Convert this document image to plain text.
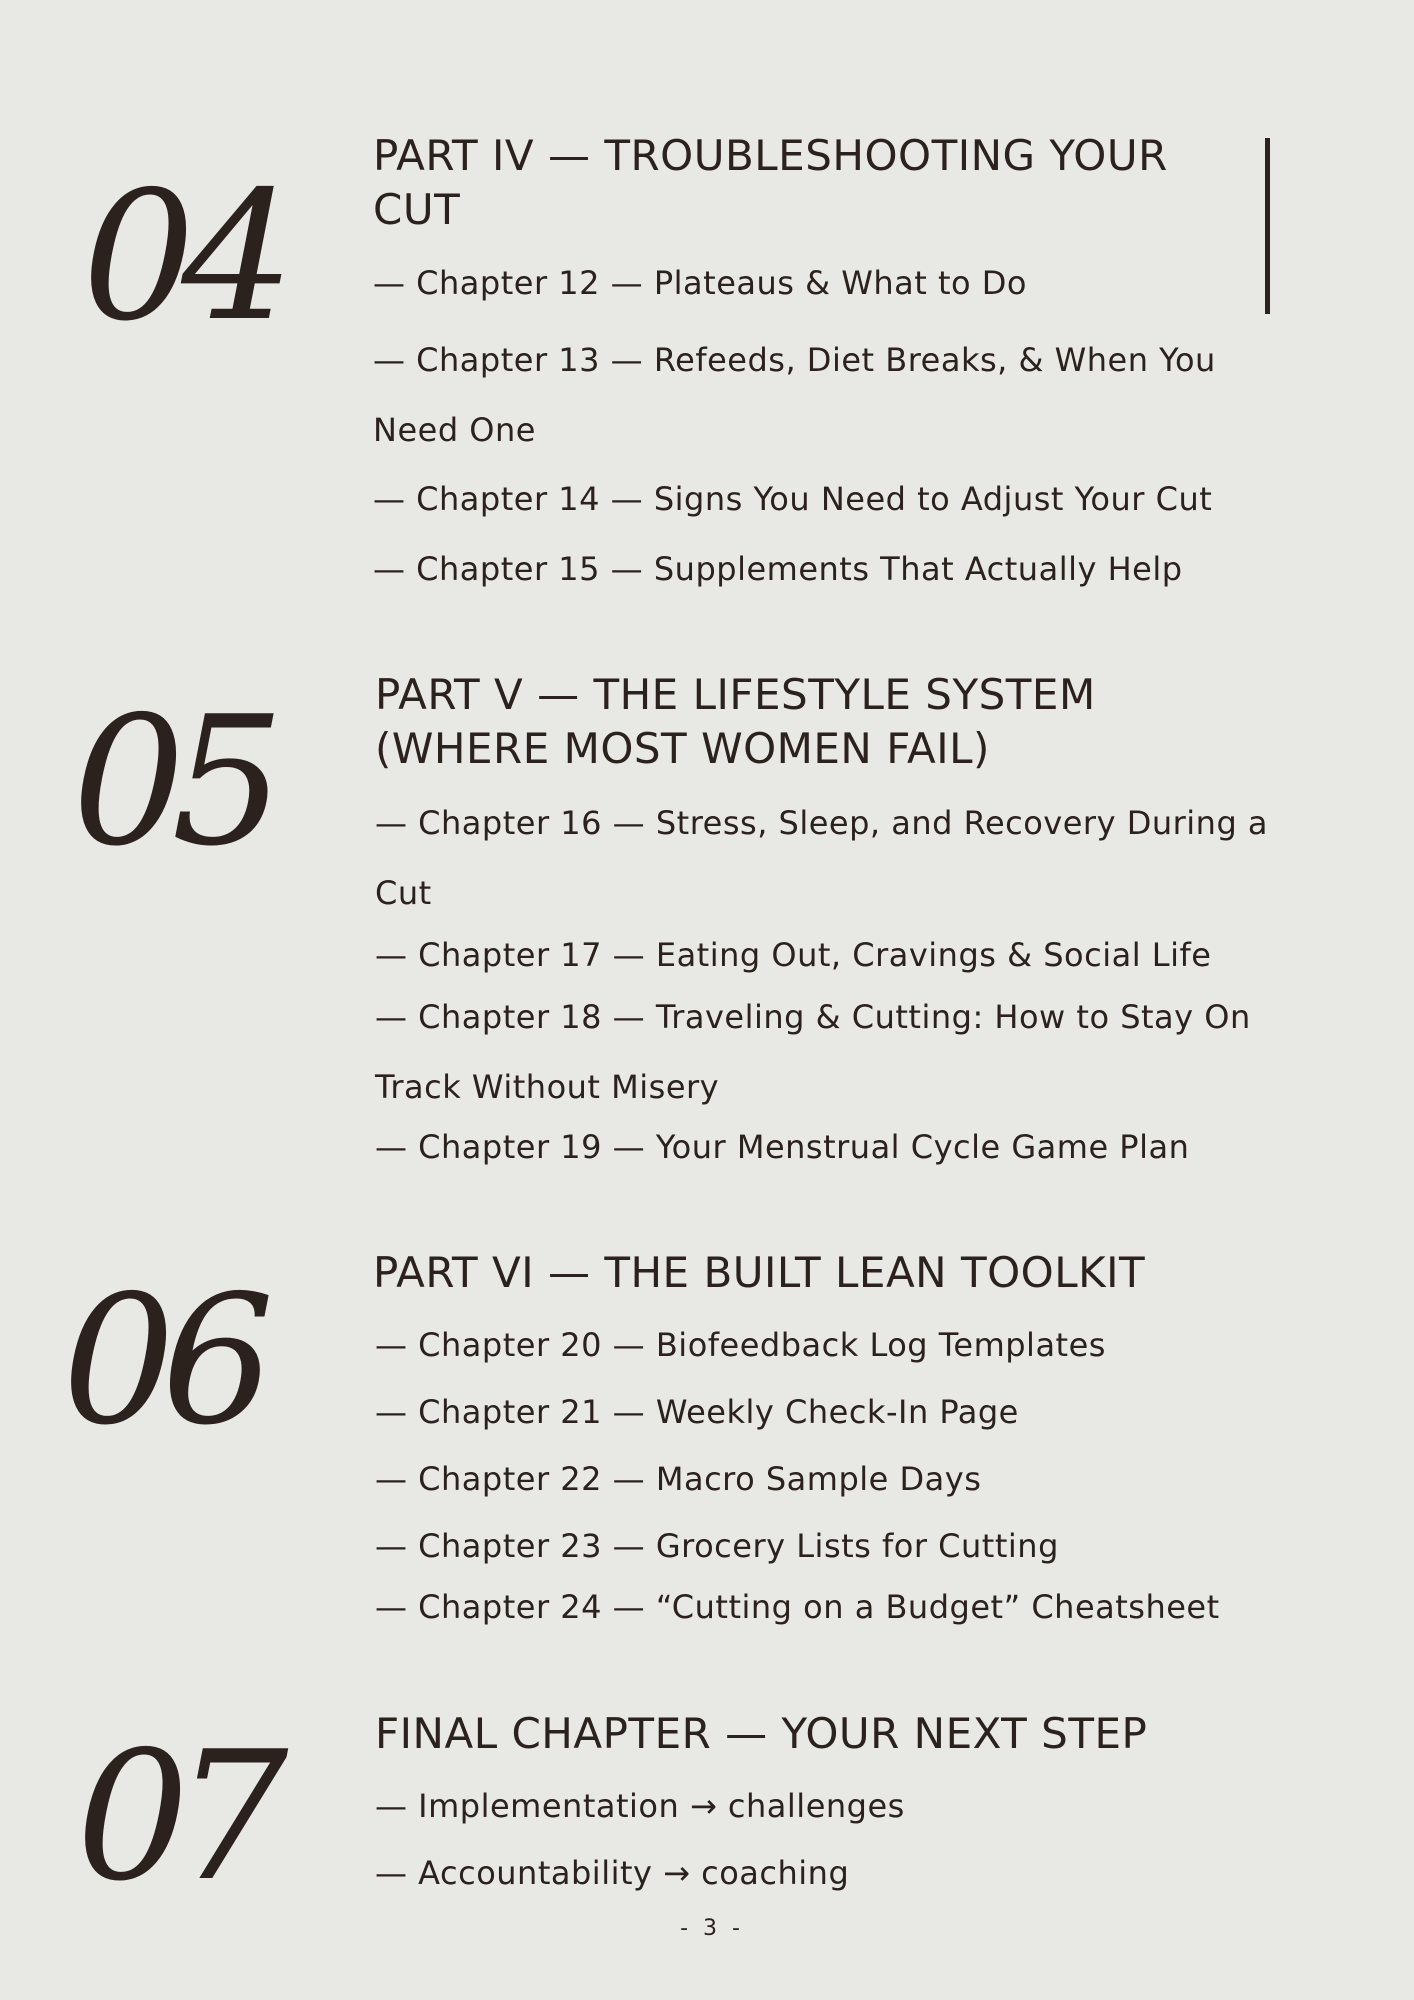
04 PART IV — TROUBLESHOOTING YOUR CUT
— Chapter 12 — Plateaus & What to Do
— Chapter 13 — Refeeds, Diet Breaks, & When You Need One
— Chapter 14 — Signs You Need to Adjust Your Cut
— Chapter 15 — Supplements That Actually Help
05 PART V — THE LIFESTYLE SYSTEM (WHERE MOST WOMEN FAIL)
— Chapter 16 — Stress, Sleep, and Recovery During a Cut
— Chapter 17 — Eating Out, Cravings & Social Life
— Chapter 18 — Traveling & Cutting: How to Stay On Track Without Misery
— Chapter 19 — Your Menstrual Cycle Game Plan
06	PART VI — THE BUILT LEAN TOOLKIT
— Chapter 20 — Biofeedback Log Templates
— Chapter 21 — Weekly Check-In Page
— Chapter 22 — Macro Sample Days
— Chapter 23 — Grocery Lists for Cutting
— Chapter 24 — “Cutting on a Budget” Cheatsheet
07 FINAL CHAPTER — YOUR NEXT STEP
— Implementation → challenges
— Accountability → coaching
- 3 -
